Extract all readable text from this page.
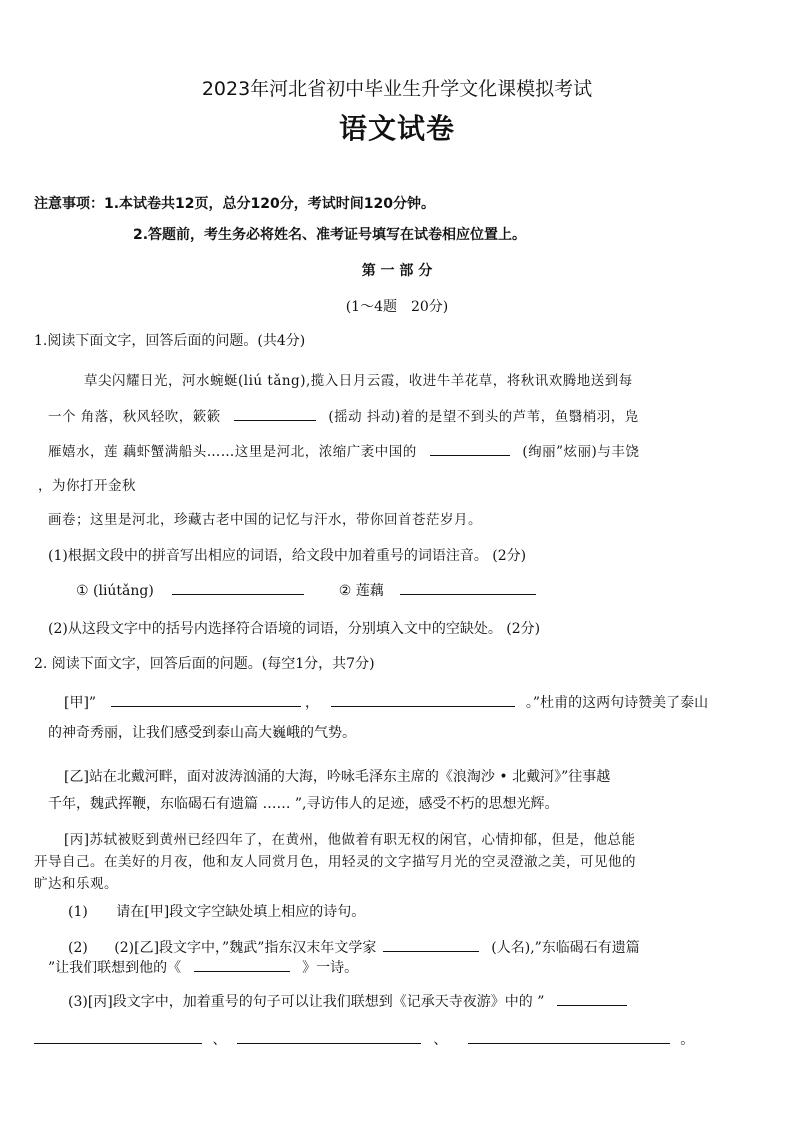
2023年河北省初中毕业生升学文化课模拟考试
语文试卷
注意事项：1.本试卷共12页，总分120分，考试时间120分钟。
2.答题前，考生务必将姓名、准考证号填写在试卷相应位置上。
第 一 部 分
(1～4题　20分)
1.阅读下面文字，回答后面的问题。(共4分)
草尖闪耀日光，河水蜿蜒(liú tǎng),揽入日月云霞，收进牛羊花草，将秋讯欢腾地送到每
一个 角落，秋风轻吹，簌簌	(摇动 抖动)着的是望不到头的芦苇，鱼翳梢羽，凫
雁嬉水，莲 藕虾蟹满船头……这里是河北，浓缩广袤中国的	(绚丽”炫丽)与丰饶
，为你打开金秋
画卷；这里是河北，珍藏古老中国的记忆与汗水，带你回首苍茫岁月。
(1)根据文段中的拼音写出相应的词语，给文段中加着重号的词语注音。 (2分)
① (liútǎng)	② 莲藕
(2)从这段文字中的括号内选择符合语境的词语，分别填入文中的空缺处。 (2分)
2. 阅读下面文字，回答后面的问题。(每空1分，共7分)
[甲]”	，	。”杜甫的这两句诗赞美了泰山
的神奇秀丽，让我们感受到泰山高大巍峨的气势。
[乙]站在北戴河畔，面对波涛汹涌的大海，吟咏毛泽东主席的《浪淘沙 • 北戴河》”往事越
千年，魏武挥鞭，东临碣石有遗篇 …… ”,寻访伟人的足迹，感受不朽的思想光辉。
[丙]苏轼被贬到黄州已经四年了，在黄州，他做着有职无权的闲官，心情抑郁，但是，他总能
开导自己。在美好的月夜，他和友人同赏月色，用轻灵的文字描写月光的空灵澄澈之美，可见他的
旷达和乐观。
(1) 请在[甲]段文字空缺处填上相应的诗句。
(2) (2)[乙]段文字中，”魏武”指东汉末年文学家	(人名),”东临碣石有遗篇
”让我们联想到他的《	》一诗。
(3)[丙]段文字中，加着重号的句子可以让我们联想到《记承天寺夜游》中的 ”
、	、	。
